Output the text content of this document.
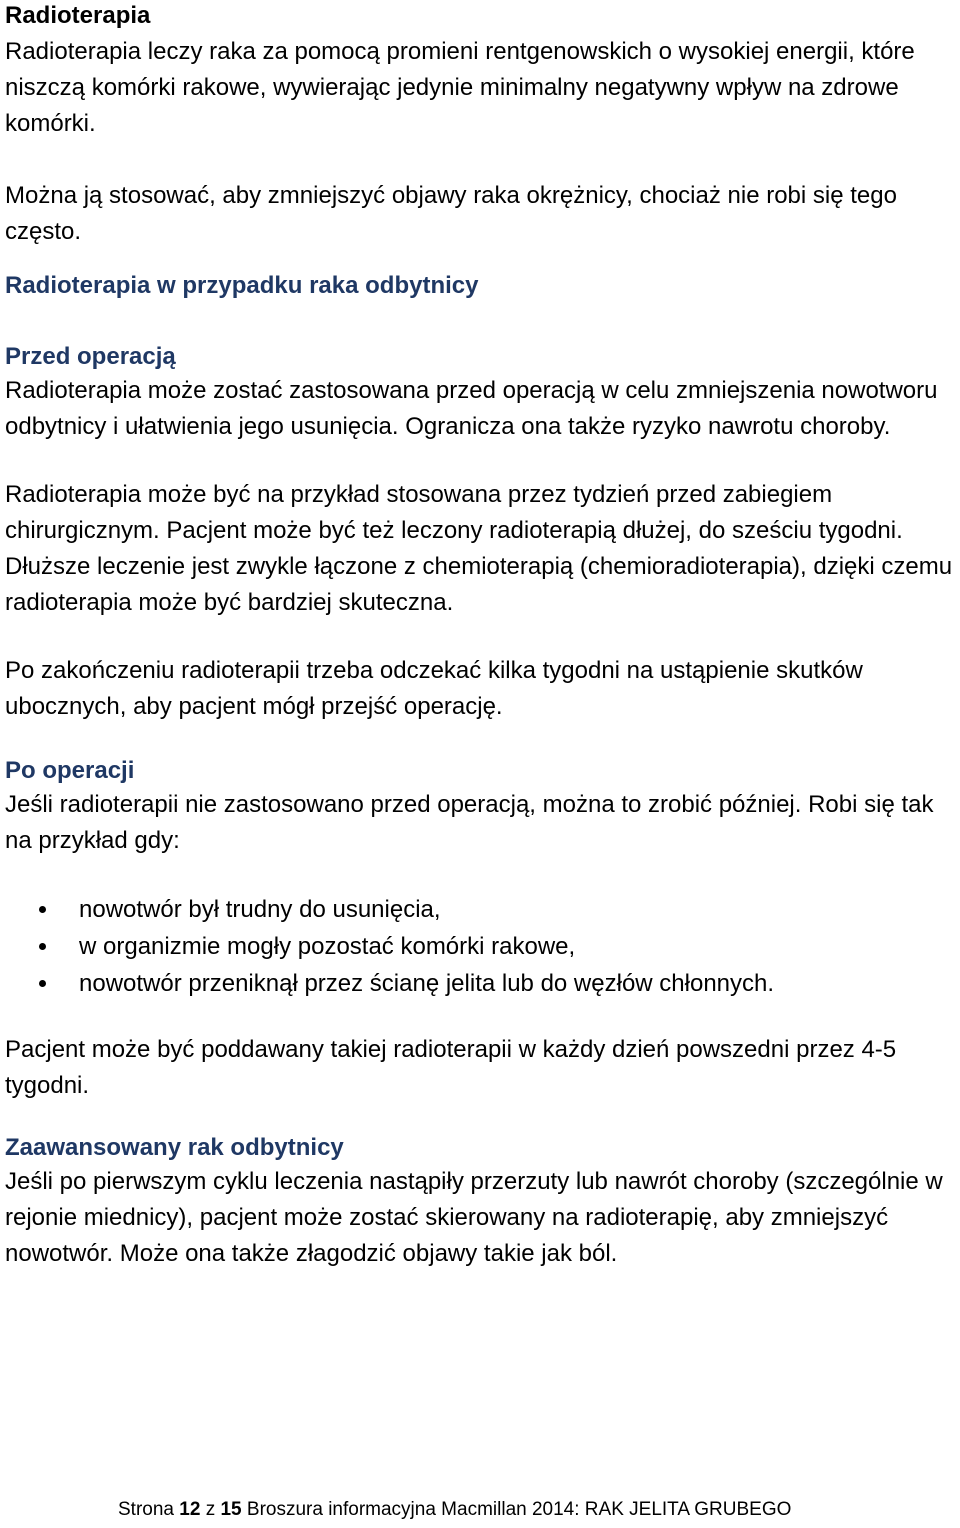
Radioterapia

Radioterapia leczy raka za pomocą promieni rentgenowskich o wysokiej energii, które niszczą komórki rakowe, wywierając jedynie minimalny negatywny wpływ na zdrowe komórki.

Można ją stosować, aby zmniejszyć objawy raka okrężnicy, chociaż nie robi się tego często.

Radioterapia w przypadku raka odbytnicy
Przed operacją

Radioterapia może zostać zastosowana przed operacją w celu zmniejszenia nowotworu odbytnicy i ułatwienia jego usunięcia. Ogranicza ona także ryzyko nawrotu choroby.

Radioterapia może być na przykład stosowana przez tydzień przed zabiegiem chirurgicznym. Pacjent może być też leczony radioterapią dłużej, do sześciu tygodni. Dłuższe leczenie jest zwykle łączone z chemioterapią (chemioradioterapia), dzięki czemu radioterapia może być bardziej skuteczna.

Po zakończeniu radioterapii trzeba odczekać kilka tygodni na ustąpienie skutków ubocznych, aby pacjent mógł przejść operację.

Po operacji

Jeśli radioterapii nie zastosowano przed operacją, można to zrobić później. Robi się tak na przykład gdy:

nowotwór był trudny do usunięcia,
w organizmie mogły pozostać komórki rakowe,
nowotwór przeniknął przez ścianę jelita lub do węzłów chłonnych.

Pacjent może być poddawany takiej radioterapii w każdy dzień powszedni przez 4-5 tygodni.

Zaawansowany rak odbytnicy

Jeśli po pierwszym cyklu leczenia nastąpiły przerzuty lub nawrót choroby (szczególnie w rejonie miednicy), pacjent może zostać skierowany na radioterapię, aby zmniejszyć nowotwór. Może ona także złagodzić objawy takie jak ból.

Strona 12 z 15 Broszura informacyjna Macmillan 2014: RAK JELITA GRUBEGO
